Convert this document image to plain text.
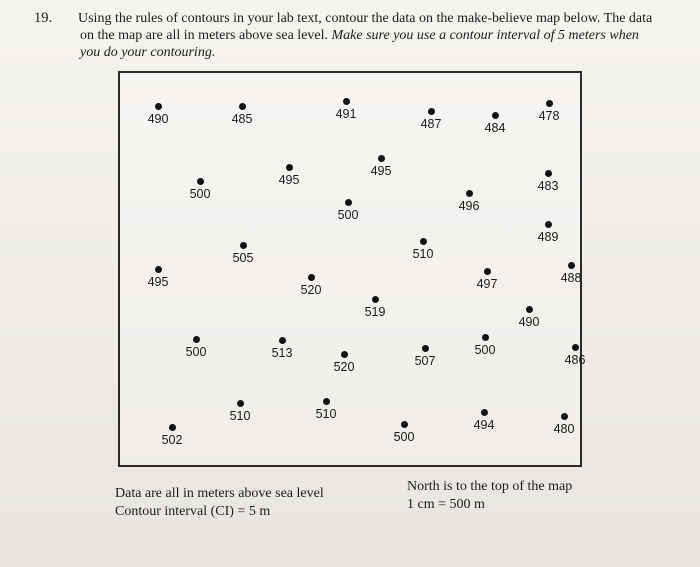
19. Using the rules of contours in your lab text, contour the data on the make-believe map below. The data
on the map are all in meters above sea level. Make sure you use a contour interval of 5 meters when
you do your contouring.
490	485	491
487	484
478
500
495
495
500
496
483
489
505	510
495
520
519
497	488
490
500	513
520	507
500
486
510	510
494	480
502	500
Data are all in meters above sea level
Contour interval (CI) = 5 m
North is to the top of the map
1 cm = 500 m
